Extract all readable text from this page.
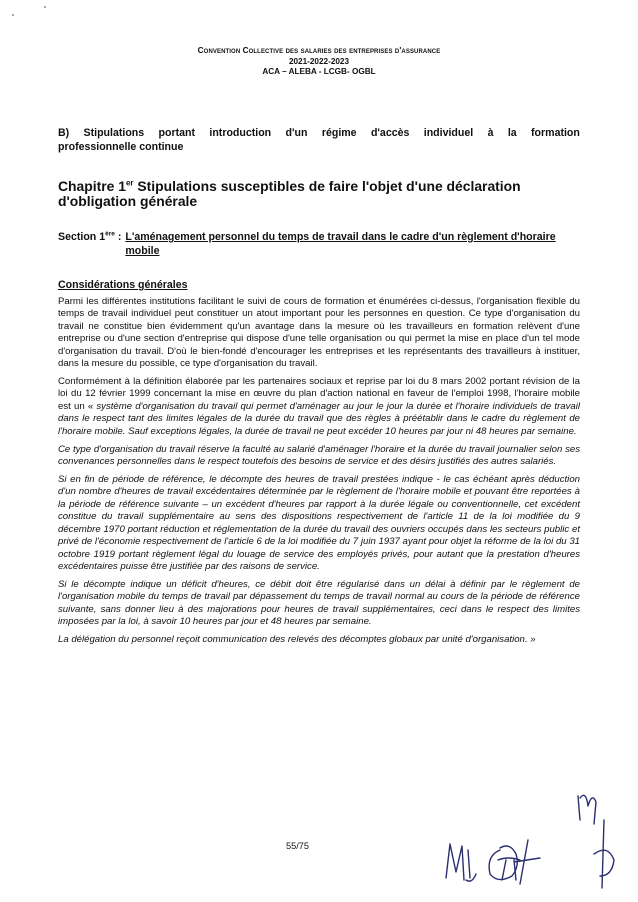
Convention Collective des salaries des entreprises d'assurance
2021-2022-2023
ACA – ALEBA - LCGB- OGBL
B) Stipulations portant introduction d'un régime d'accès individuel à la formation
professionnelle continue
Chapitre 1er Stipulations susceptibles de faire l'objet d'une déclaration d'obligation générale
Section 1ère : L'aménagement personnel du temps de travail dans le cadre d'un règlement d'horaire mobile
Considérations générales

Parmi les différentes institutions facilitant le suivi de cours de formation et énumérées ci-dessus, l'organisation flexible du temps de travail individuel peut constituer un atout important pour les personnes en question. Ce type d'organisation du travail ne constitue bien évidemment qu'un avantage dans la mesure où les travailleurs en formation relèvent d'une entreprise ou d'une section d'entreprise qui dispose d'une telle organisation ou qui permet la mise en place d'un tel mode d'organisation du travail. D'où le bien-fondé d'encourager les entreprises et les représentants des travailleurs à instituer, dans la mesure du possible, ce type d'organisation du travail.

Conformément à la définition élaborée par les partenaires sociaux et reprise par loi du 8 mars 2002 portant révision de la loi du 12 février 1999 concernant la mise en œuvre du plan d'action national en faveur de l'emploi 1998, l'horaire mobile est un « système d'organisation du travail qui permet d'aménager au jour le jour la durée et l'horaire individuels de travail dans le respect tant des limites légales de la durée du travail que des règles à préétablir dans le cadre du règlement de l'horaire mobile. Sauf exceptions légales, la durée de travail ne peut excéder 10 heures par jour ni 48 heures par semaine.

Ce type d'organisation du travail réserve la faculté au salarié d'aménager l'horaire et la durée du travail journalier selon ses convenances personnelles dans le respect toutefois des besoins de service et des désirs justifiés des autres salariés.

Si en fin de période de référence, le décompte des heures de travail prestées indique - le cas échéant après déduction d'un nombre d'heures de travail excédentaires déterminée par le règlement de l'horaire mobile et pouvant être reportées à la période de référence suivante – un excédent d'heures par rapport à la durée légale ou conventionnelle, cet excédent constitue du travail supplémentaire au sens des dispositions respectivement de l'article 11 de la loi modifiée du 9 décembre 1970 portant réduction et réglementation de la durée du travail des ouvriers occupés dans les secteurs public et privé de l'économie respectivement de l'article 6 de la loi modifiée du 7 juin 1937 ayant pour objet la réforme de la loi du 31 octobre 1919 portant règlement légal du louage de service des employés privés, pour autant que la prestation d'heures excédentaires puisse être justifiée par des raisons de service.

Si le décompte indique un déficit d'heures, ce débit doit être régularisé dans un délai à définir par le règlement de l'organisation mobile du temps de travail par dépassement du temps de travail normal au cours de la période de référence suivante, sans donner lieu à des majorations pour heures de travail supplémentaires, ceci dans le respect des limites imposées par la loi, à savoir 10 heures par jour et 48 heures par semaine.

La délégation du personnel reçoit communication des relevés des décomptes globaux par unité d'organisation. »

55/75
